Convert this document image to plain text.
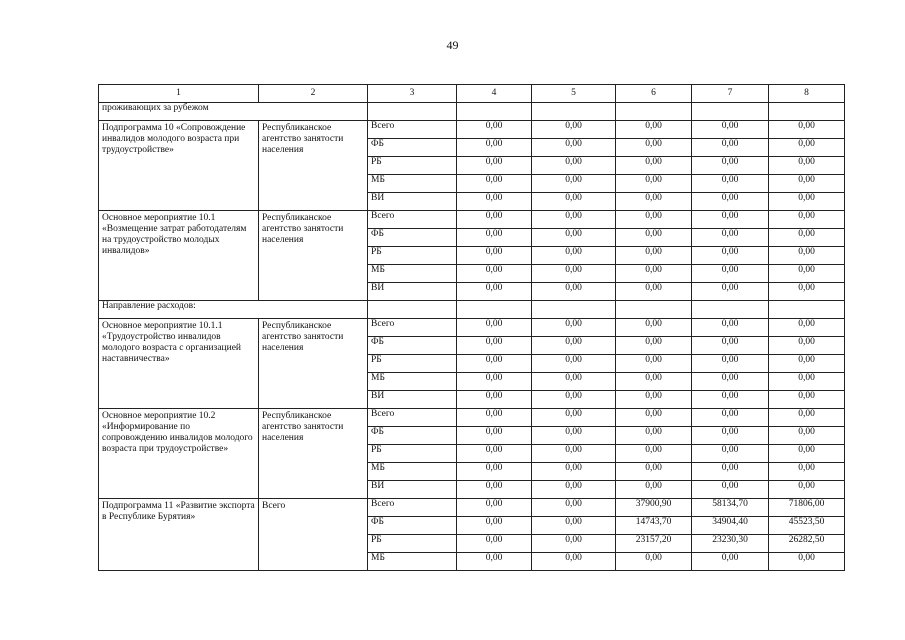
49
1	2	3	4	5	6	7	8
проживающих за рубежом							
Подпрограмма 10 «Сопровождение инвалидов молодого возраста при трудоустройстве»	Республиканское агентство занятости населения	Всего	0,00	0,00	0,00	0,00	0,00
		ФБ	0,00	0,00	0,00	0,00	0,00
		РБ	0,00	0,00	0,00	0,00	0,00
		МБ	0,00	0,00	0,00	0,00	0,00
		ВИ	0,00	0,00	0,00	0,00	0,00
Основное мероприятие 10.1 «Возмещение затрат работодателям на трудоустройство молодых инвалидов»	Республиканское агентство занятости населения	Всего	0,00	0,00	0,00	0,00	0,00
		ФБ	0,00	0,00	0,00	0,00	0,00
		РБ	0,00	0,00	0,00	0,00	0,00
		МБ	0,00	0,00	0,00	0,00	0,00
		ВИ	0,00	0,00	0,00	0,00	0,00
Направление расходов:							
Основное мероприятие 10.1.1 «Трудоустройство инвалидов молодого возраста с организацией наставничества»	Республиканское агентство занятости населения	Всего	0,00	0,00	0,00	0,00	0,00
		ФБ	0,00	0,00	0,00	0,00	0,00
		РБ	0,00	0,00	0,00	0,00	0,00
		МБ	0,00	0,00	0,00	0,00	0,00
		ВИ	0,00	0,00	0,00	0,00	0,00
Основное мероприятие 10.2 «Информирование по сопровождению инвалидов молодого возраста при трудоустройстве»	Республиканское агентство занятости населения	Всего	0,00	0,00	0,00	0,00	0,00
		ФБ	0,00	0,00	0,00	0,00	0,00
		РБ	0,00	0,00	0,00	0,00	0,00
		МБ	0,00	0,00	0,00	0,00	0,00
		ВИ	0,00	0,00	0,00	0,00	0,00
Подпрограмма 11 «Развитие экспорта в Республике Бурятия»	Всего	Всего	0,00	0,00	37900,90	58134,70	71806,00
		ФБ	0,00	0,00	14743,70	34904,40	45523,50
		РБ	0,00	0,00	23157,20	23230,30	26282,50
		МБ	0,00	0,00	0,00	0,00	0,00
